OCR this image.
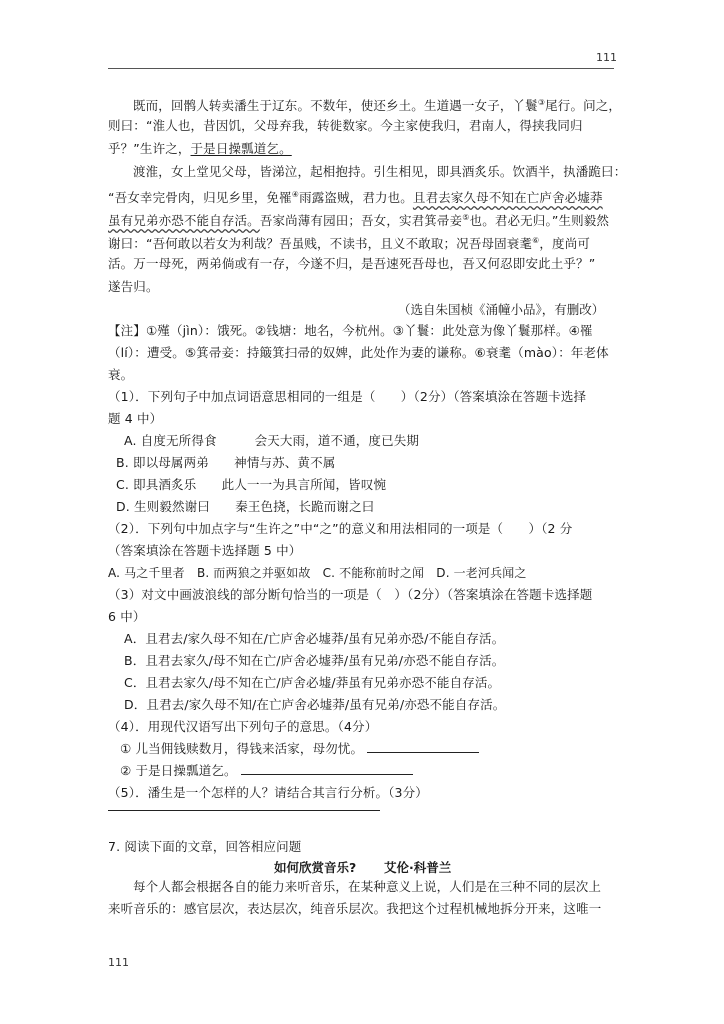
111
既而，回鹘人转卖潘生于辽东。不数年，使还乡土。生道遇一女子，丫鬟③尾行。问之，
则曰：“淮人也，昔因饥，父母弃我，转徙数家。今主家使我归，君南人，得挟我同归
乎？”生许之，于是日操瓢道乞。
渡淮，女上堂见父母，皆涕泣，起相抱持。引生相见，即具酒炙乐。饮酒半，执潘跪曰：
“吾女幸完骨肉，归见乡里，免罹④雨露盗贼，君力也。且君去家久母不知在亡庐舍必墟莽
虽有兄弟亦恐不能自存活。吾家尚薄有园田；吾女，实君箕帚妾⑤也。君必无归。”生则毅然
谢曰：“吾何敢以若女为利哉？吾虽贱，不读书，且义不敢取；况吾母固衰耄⑥，度尚可
活。万一母死，两弟倘或有一存，今遂不归，是吾速死吾母也，吾又何忍即安此土乎？”
遂告归。
（选自朱国桢《涌幢小品》，有删改）
【注】①殣（jìn）：饿死。②钱塘：地名，今杭州。③丫鬟：此处意为像丫鬟那样。④罹
（lí）：遭受。⑤箕帚妾：持簸箕扫帚的奴婢，此处作为妻的谦称。⑥衰耄（mào）：年老体
衰。
（1）．下列句子中加点词语意思相同的一组是（　　）（2分）（答案填涂在答题卡选择
题 4 中）
A. 自度无所得食　　　会天大雨，道不通，度已失期
B. 即以母属两弟　　神情与苏、黄不属
C. 即具酒炙乐　　此人一一为具言所闻，皆叹惋
D. 生则毅然谢曰　　秦王色挠，长跪而谢之曰
（2）．下列句中加点字与“生许之”中“之”的意义和用法相同的一项是（　　）（2 分
（答案填涂在答题卡选择题 5 中）
A. 马之千里者　B. 而两狼之并驱如故　C. 不能称前时之闻　D. 一老河兵闻之
（3）对文中画波浪线的部分断句恰当的一项是（　）（2分）（答案填涂在答题卡选择题
6 中）
A．且君去/家久母不知在/亡庐舍必墟莽/虽有兄弟亦恐/不能自存活。
B．且君去家久/母不知在亡/庐舍必墟莽/虽有兄弟/亦恐不能自存活。
C．且君去家久/母不知在亡/庐舍必墟/莽虽有兄弟亦恐不能自存活。
D．且君去/家久母不知/在亡庐舍必墟莽/虽有兄弟/亦恐不能自存活。
（4）．用现代汉语写出下列句子的意思。（4分）
① 儿当佣钱赎数月，得钱来活家，母勿忧。
② 于是日操瓢道乞。
（5）．潘生是一个怎样的人？请结合其言行分析。（3分）
7. 阅读下面的文章，回答相应问题
如何欣赏音乐? 艾伦·科普兰
每个人都会根据各自的能力来听音乐，在某种意义上说，人们是在三种不同的层次上
来听音乐的：感官层次，表达层次，纯音乐层次。我把这个过程机械地拆分开来，这唯一
111
